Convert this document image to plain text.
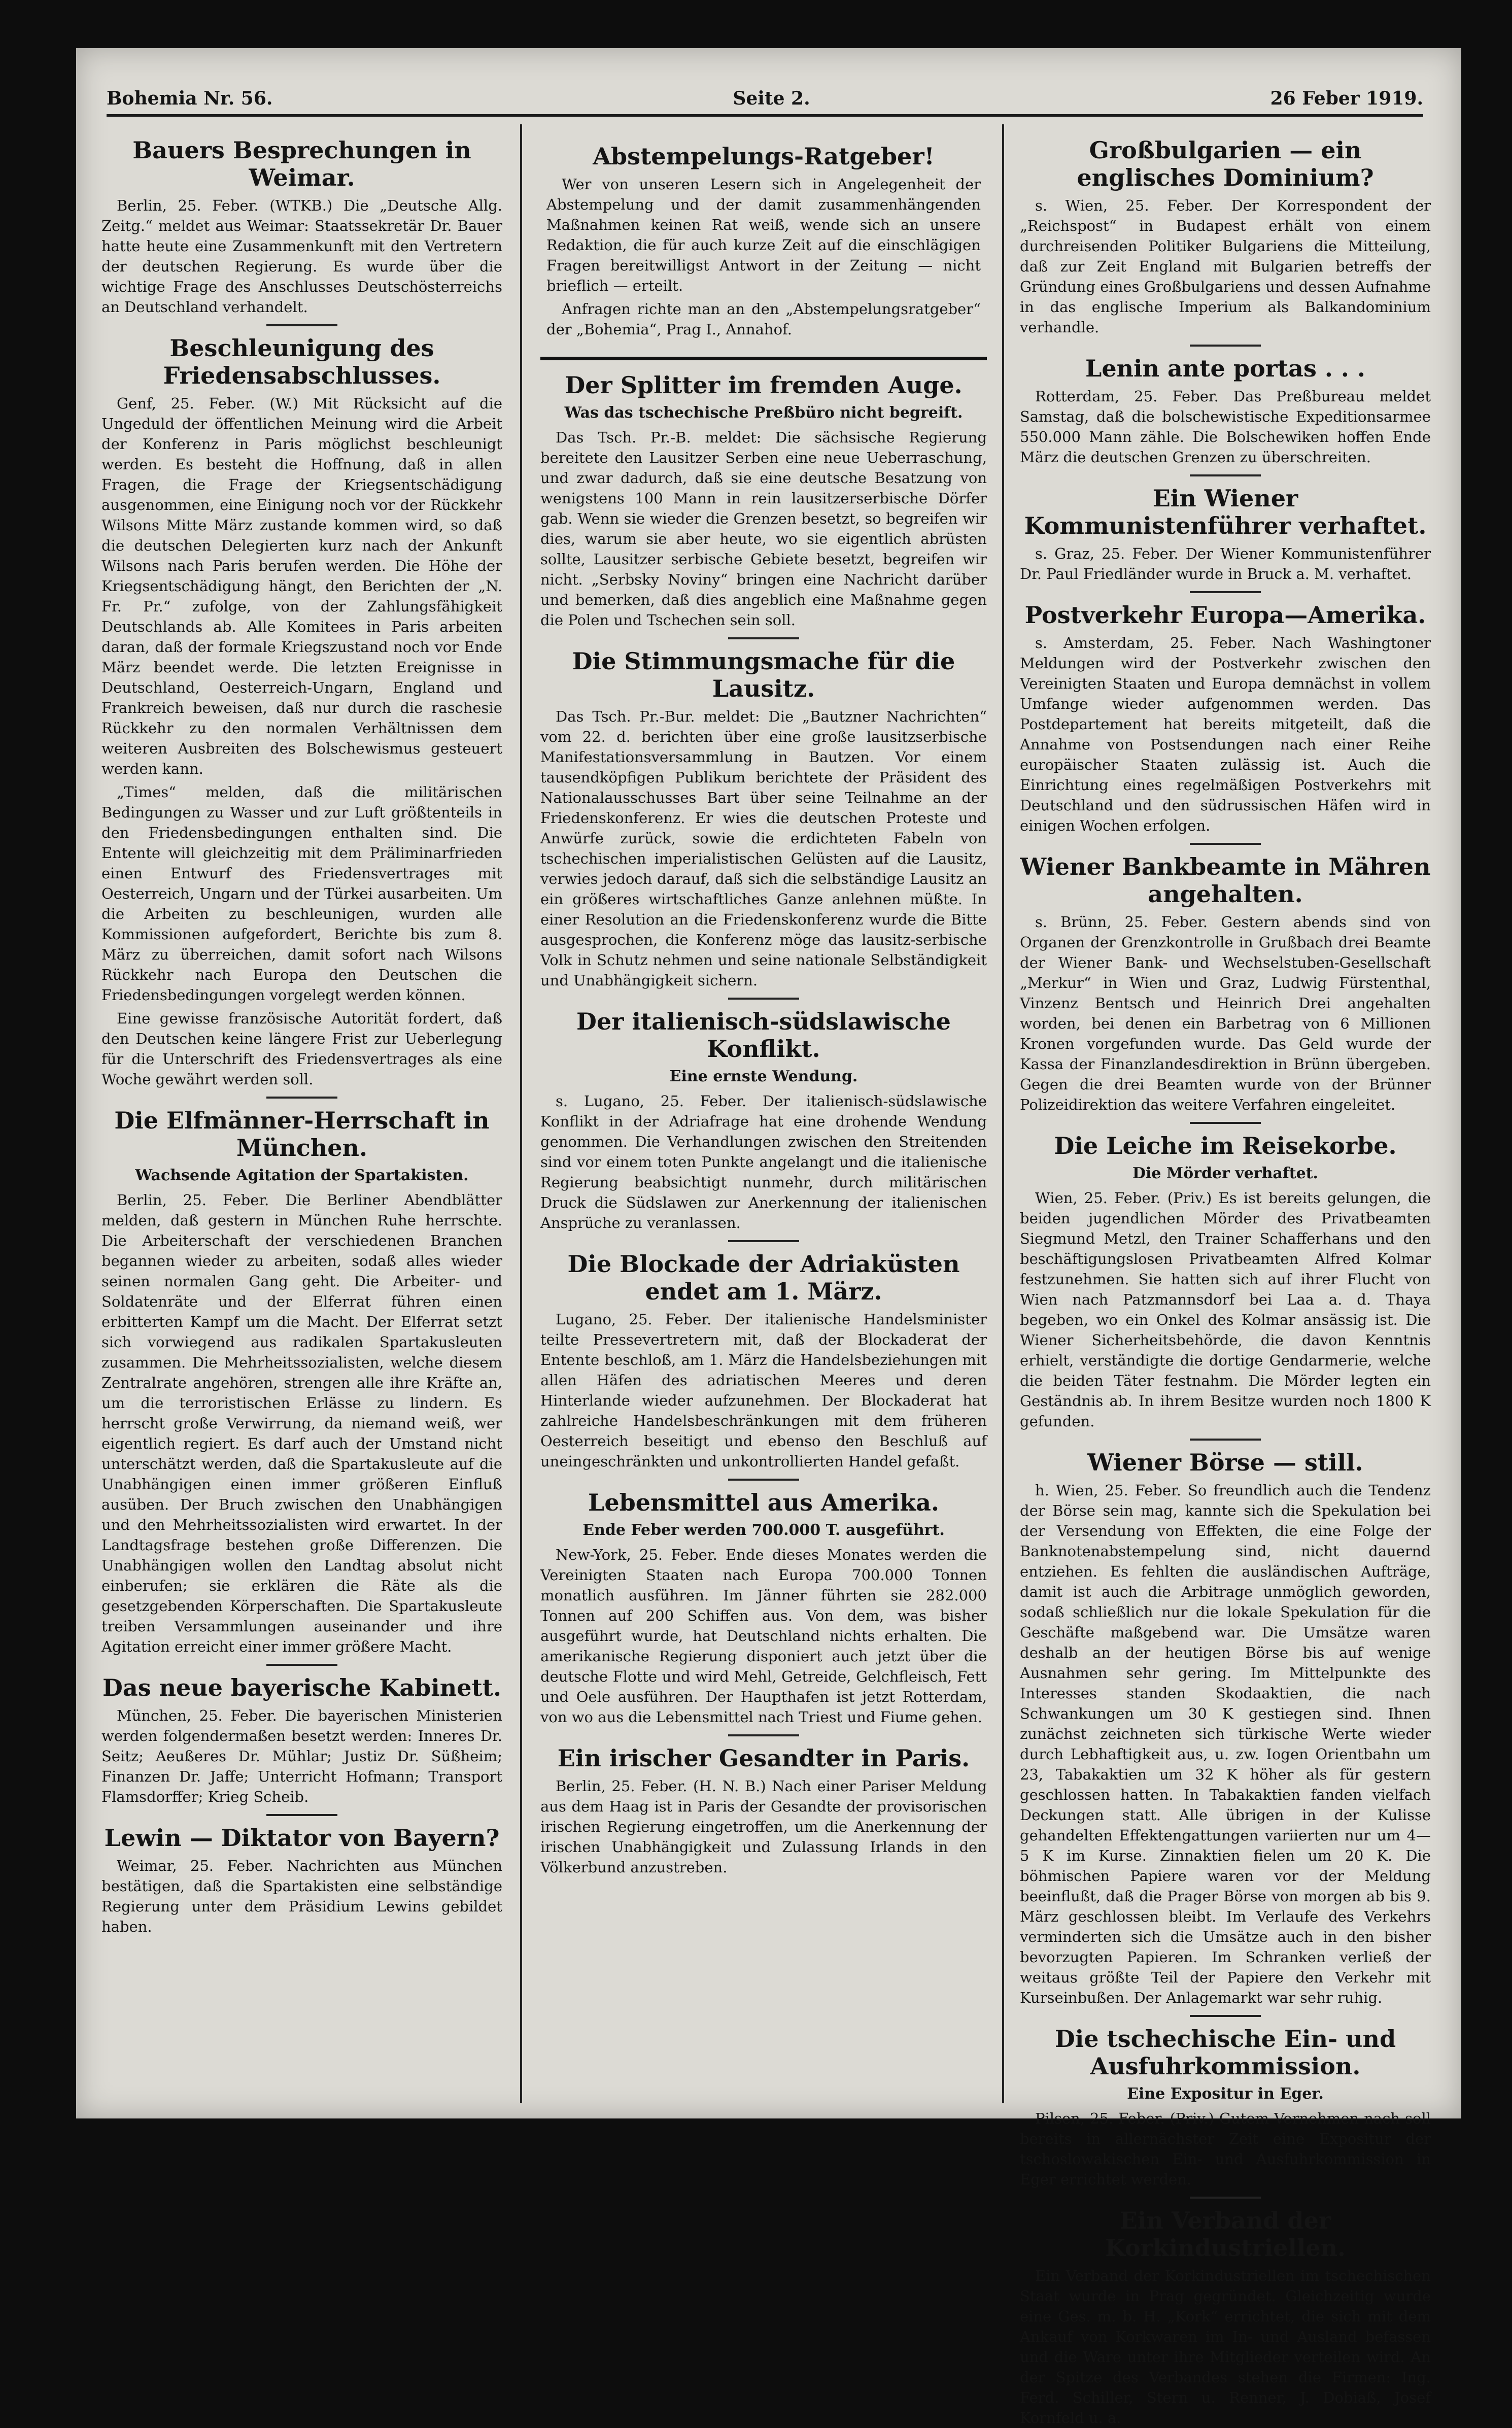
Bohemia Nr. 56.	Seite 2.	26 Feber 1919.
Bauers Besprechungen in Weimar.

Berlin, 25. Feber. (WTKB.) Die „Deutsche Allg. Zeitg.“ meldet aus Weimar: Staatssekretär Dr. Bauer hatte heute eine Zusammenkunft mit den Vertretern der deutschen Regierung. Es wurde über die wichtige Frage des Anschlusses Deutschösterreichs an Deutschland verhandelt.

Beschleunigung des Friedensabschlusses.

Genf, 25. Feber. (W.) Mit Rücksicht auf die Ungeduld der öffentlichen Meinung wird die Arbeit der Konferenz in Paris möglichst beschleunigt werden. Es besteht die Hoffnung, daß in allen Fragen, die Frage der Kriegsentschädigung ausgenommen, eine Einigung noch vor der Rückkehr Wilsons Mitte März zustande kommen wird, so daß die deutschen Delegierten kurz nach der Ankunft Wilsons nach Paris berufen werden. Die Höhe der Kriegsentschädigung hängt, den Berichten der „N. Fr. Pr.“ zufolge, von der Zahlungsfähigkeit Deutschlands ab. Alle Komitees in Paris arbeiten daran, daß der formale Kriegszustand noch vor Ende März beendet werde. Die letzten Ereignisse in Deutschland, Oesterreich-Ungarn, England und Frankreich beweisen, daß nur durch die raschesie Rückkehr zu den normalen Verhältnissen dem weiteren Ausbreiten des Bolschewismus gesteuert werden kann.

„Times“ melden, daß die militärischen Bedingungen zu Wasser und zur Luft größtenteils in den Friedensbedingungen enthalten sind. Die Entente will gleichzeitig mit dem Präliminarfrieden einen Entwurf des Friedensvertrages mit Oesterreich, Ungarn und der Türkei ausarbeiten. Um die Arbeiten zu beschleunigen, wurden alle Kommissionen aufgefordert, Berichte bis zum 8. März zu überreichen, damit sofort nach Wilsons Rückkehr nach Europa den Deutschen die Friedensbedingungen vorgelegt werden können.

Eine gewisse französische Autorität fordert, daß den Deutschen keine längere Frist zur Ueberlegung für die Unterschrift des Friedensvertrages als eine Woche gewährt werden soll.

Die Elfmänner-Herrschaft in München.
Wachsende Agitation der Spartakisten.

Berlin, 25. Feber. Die Berliner Abendblätter melden, daß gestern in München Ruhe herrschte. Die Arbeiterschaft der verschiedenen Branchen begannen wieder zu arbeiten, sodaß alles wieder seinen normalen Gang geht. Die Arbeiter- und Soldatenräte und der Elferrat führen einen erbitterten Kampf um die Macht. Der Elferrat setzt sich vorwiegend aus radikalen Spartakusleuten zusammen. Die Mehrheitssozialisten, welche diesem Zentralrate angehören, strengen alle ihre Kräfte an, um die terroristischen Erlässe zu lindern. Es herrscht große Verwirrung, da niemand weiß, wer eigentlich regiert. Es darf auch der Umstand nicht unterschätzt werden, daß die Spartakusleute auf die Unabhängigen einen immer größeren Einfluß ausüben. Der Bruch zwischen den Unabhängigen und den Mehrheitssozialisten wird erwartet. In der Landtagsfrage bestehen große Differenzen. Die Unabhängigen wollen den Landtag absolut nicht einberufen; sie erklären die Räte als die gesetzgebenden Körperschaften. Die Spartakusleute treiben Versammlungen auseinander und ihre Agitation erreicht einer immer größere Macht.

Das neue bayerische Kabinett.

München, 25. Feber. Die bayerischen Ministerien werden folgendermaßen besetzt werden: Inneres Dr. Seitz; Aeußeres Dr. Mühlar; Justiz Dr. Süßheim; Finanzen Dr. Jaffe; Unterricht Hofmann; Transport Flamsdorffer; Krieg Scheib.

Lewin — Diktator von Bayern?

Weimar, 25. Feber. Nachrichten aus München bestätigen, daß die Spartakisten eine selbständige Regierung unter dem Präsidium Lewins gebildet haben.

Abstempelungs-Ratgeber!

Wer von unseren Lesern sich in Angelegenheit der Abstempelung und der damit zusammenhängenden Maßnahmen keinen Rat weiß, wende sich an unsere Redaktion, die für auch kurze Zeit auf die einschlägigen Fragen bereitwilligst Antwort in der Zeitung — nicht brieflich — erteilt.

Anfragen richte man an den „Abstempelungsratgeber“ der „Bohemia“, Prag I., Annahof.

Der Splitter im fremden Auge.
Was das tschechische Preßbüro nicht begreift.

Das Tsch. Pr.-B. meldet: Die sächsische Regierung bereitete den Lausitzer Serben eine neue Ueberraschung, und zwar dadurch, daß sie eine deutsche Besatzung von wenigstens 100 Mann in rein lausitzerserbische Dörfer gab. Wenn sie wieder die Grenzen besetzt, so begreifen wir dies, warum sie aber heute, wo sie eigentlich abrüsten sollte, Lausitzer serbische Gebiete besetzt, begreifen wir nicht. „Serbsky Noviny“ bringen eine Nachricht darüber und bemerken, daß dies angeblich eine Maßnahme gegen die Polen und Tschechen sein soll.

Die Stimmungsmache für die Lausitz.

Das Tsch. Pr.-Bur. meldet: Die „Bautzner Nachrichten“ vom 22. d. berichten über eine große lausitzserbische Manifestationsversammlung in Bautzen. Vor einem tausendköpfigen Publikum berichtete der Präsident des Nationalausschusses Bart über seine Teilnahme an der Friedenskonferenz. Er wies die deutschen Proteste und Anwürfe zurück, sowie die erdichteten Fabeln von tschechischen imperialistischen Gelüsten auf die Lausitz, verwies jedoch darauf, daß sich die selbständige Lausitz an ein größeres wirtschaftliches Ganze anlehnen müßte. In einer Resolution an die Friedenskonferenz wurde die Bitte ausgesprochen, die Konferenz möge das lausitz-serbische Volk in Schutz nehmen und seine nationale Selbständigkeit und Unabhängigkeit sichern.

Der italienisch-südslawische Konflikt.
Eine ernste Wendung.

s. Lugano, 25. Feber. Der italienisch-südslawische Konflikt in der Adriafrage hat eine drohende Wendung genommen. Die Verhandlungen zwischen den Streitenden sind vor einem toten Punkte angelangt und die italienische Regierung beabsichtigt nunmehr, durch militärischen Druck die Südslawen zur Anerkennung der italienischen Ansprüche zu veranlassen.

Die Blockade der Adriaküsten endet am 1. März.

Lugano, 25. Feber. Der italienische Handelsminister teilte Pressevertretern mit, daß der Blockaderat der Entente beschloß, am 1. März die Handelsbeziehungen mit allen Häfen des adriatischen Meeres und deren Hinterlande wieder aufzunehmen. Der Blockaderat hat zahlreiche Handelsbeschränkungen mit dem früheren Oesterreich beseitigt und ebenso den Beschluß auf uneingeschränkten und unkontrollierten Handel gefaßt.

Lebensmittel aus Amerika.
Ende Feber werden 700.000 T. ausgeführt.

New-York, 25. Feber. Ende dieses Monates werden die Vereinigten Staaten nach Europa 700.000 Tonnen monatlich ausführen. Im Jänner führten sie 282.000 Tonnen auf 200 Schiffen aus. Von dem, was bisher ausgeführt wurde, hat Deutschland nichts erhalten. Die amerikanische Regierung disponiert auch jetzt über die deutsche Flotte und wird Mehl, Getreide, Gelchfleisch, Fett und Oele ausführen. Der Haupthafen ist jetzt Rotterdam, von wo aus die Lebensmittel nach Triest und Fiume gehen.

Ein irischer Gesandter in Paris.

Berlin, 25. Feber. (H. N. B.) Nach einer Pariser Meldung aus dem Haag ist in Paris der Gesandte der provisorischen irischen Regierung eingetroffen, um die Anerkennung der irischen Unabhängigkeit und Zulassung Irlands in den Völkerbund anzustreben.

Großbulgarien — ein englisches Dominium?

s. Wien, 25. Feber. Der Korrespondent der „Reichspost“ in Budapest erhält von einem durchreisenden Politiker Bulgariens die Mitteilung, daß zur Zeit England mit Bulgarien betreffs der Gründung eines Großbulgariens und dessen Aufnahme in das englische Imperium als Balkandominium verhandle.

Lenin ante portas . . .

Rotterdam, 25. Feber. Das Preßbureau meldet Samstag, daß die bolschewistische Expeditionsarmee 550.000 Mann zähle. Die Bolschewiken hoffen Ende März die deutschen Grenzen zu überschreiten.

Ein Wiener Kommunistenführer verhaftet.

s. Graz, 25. Feber. Der Wiener Kommunistenführer Dr. Paul Friedländer wurde in Bruck a. M. verhaftet.

Postverkehr Europa—Amerika.

s. Amsterdam, 25. Feber. Nach Washingtoner Meldungen wird der Postverkehr zwischen den Vereinigten Staaten und Europa demnächst in vollem Umfange wieder aufgenommen werden. Das Postdepartement hat bereits mitgeteilt, daß die Annahme von Postsendungen nach einer Reihe europäischer Staaten zulässig ist. Auch die Einrichtung eines regelmäßigen Postverkehrs mit Deutschland und den südrussischen Häfen wird in einigen Wochen erfolgen.

Wiener Bankbeamte in Mähren angehalten.

s. Brünn, 25. Feber. Gestern abends sind von Organen der Grenzkontrolle in Grußbach drei Beamte der Wiener Bank- und Wechselstuben-Gesellschaft „Merkur“ in Wien und Graz, Ludwig Fürstenthal, Vinzenz Bentsch und Heinrich Drei angehalten worden, bei denen ein Barbetrag von 6 Millionen Kronen vorgefunden wurde. Das Geld wurde der Kassa der Finanzlandesdirektion in Brünn übergeben. Gegen die drei Beamten wurde von der Brünner Polizeidirektion das weitere Verfahren eingeleitet.

Die Leiche im Reisekorbe.
Die Mörder verhaftet.

Wien, 25. Feber. (Priv.) Es ist bereits gelungen, die beiden jugendlichen Mörder des Privatbeamten Siegmund Metzl, den Trainer Schafferhans und den beschäftigungslosen Privatbeamten Alfred Kolmar festzunehmen. Sie hatten sich auf ihrer Flucht von Wien nach Patzmannsdorf bei Laa a. d. Thaya begeben, wo ein Onkel des Kolmar ansässig ist. Die Wiener Sicherheitsbehörde, die davon Kenntnis erhielt, verständigte die dortige Gendarmerie, welche die beiden Täter festnahm. Die Mörder legten ein Geständnis ab. In ihrem Besitze wurden noch 1800 K gefunden.

Wiener Börse — still.

h. Wien, 25. Feber. So freundlich auch die Tendenz der Börse sein mag, kannte sich die Spekulation bei der Versendung von Effekten, die eine Folge der Banknotenabstempelung sind, nicht dauernd entziehen. Es fehlten die ausländischen Aufträge, damit ist auch die Arbitrage unmöglich geworden, sodaß schließlich nur die lokale Spekulation für die Geschäfte maßgebend war. Die Umsätze waren deshalb an der heutigen Börse bis auf wenige Ausnahmen sehr gering. Im Mittelpunkte des Interesses standen Skodaaktien, die nach Schwankungen um 30 K gestiegen sind. Ihnen zunächst zeichneten sich türkische Werte wieder durch Lebhaftigkeit aus, u. zw. Iogen Orientbahn um 23, Tabakaktien um 32 K höher als für gestern geschlossen hatten. In Tabakaktien fanden vielfach Deckungen statt. Alle übrigen in der Kulisse gehandelten Effektengattungen variierten nur um 4—5 K im Kurse. Zinnaktien fielen um 20 K. Die böhmischen Papiere waren vor der Meldung beeinflußt, daß die Prager Börse von morgen ab bis 9. März geschlossen bleibt. Im Verlaufe des Verkehrs verminderten sich die Umsätze auch in den bisher bevorzugten Papieren. Im Schranken verließ der weitaus größte Teil der Papiere den Verkehr mit Kurseinbußen. Der Anlagemarkt war sehr ruhig.

Die tschechische Ein- und Ausfuhrkommission.
Eine Expositur in Eger.

Pilsen, 25. Feber. (Priv.) Gutem Vernehmen nach soll bereits in allernächster Zeit eine Expositur der tschoslowakischen Ein- und Ausfuhrkommission in Eger errichtet werden.

Ein Verband der Korkindustriellen.

Ein Verband der Korkindustriellen im tschechischen Staat wurde in Prag gegründet. Gleichzeitig wurde eine Ges. m. b. H. „Kork“ errichtet, die sich mit dem Ankauf von Korkwaren im In- und Ausland befassen und die Ware unter ihre Mitglieder verteilen wird. An der Spitze des Verbandes stehen die Firmen: Ing. Ferd. Schiller, Stern u. Renner, J. Dobiaß, Josef Kornfeld u. a.
